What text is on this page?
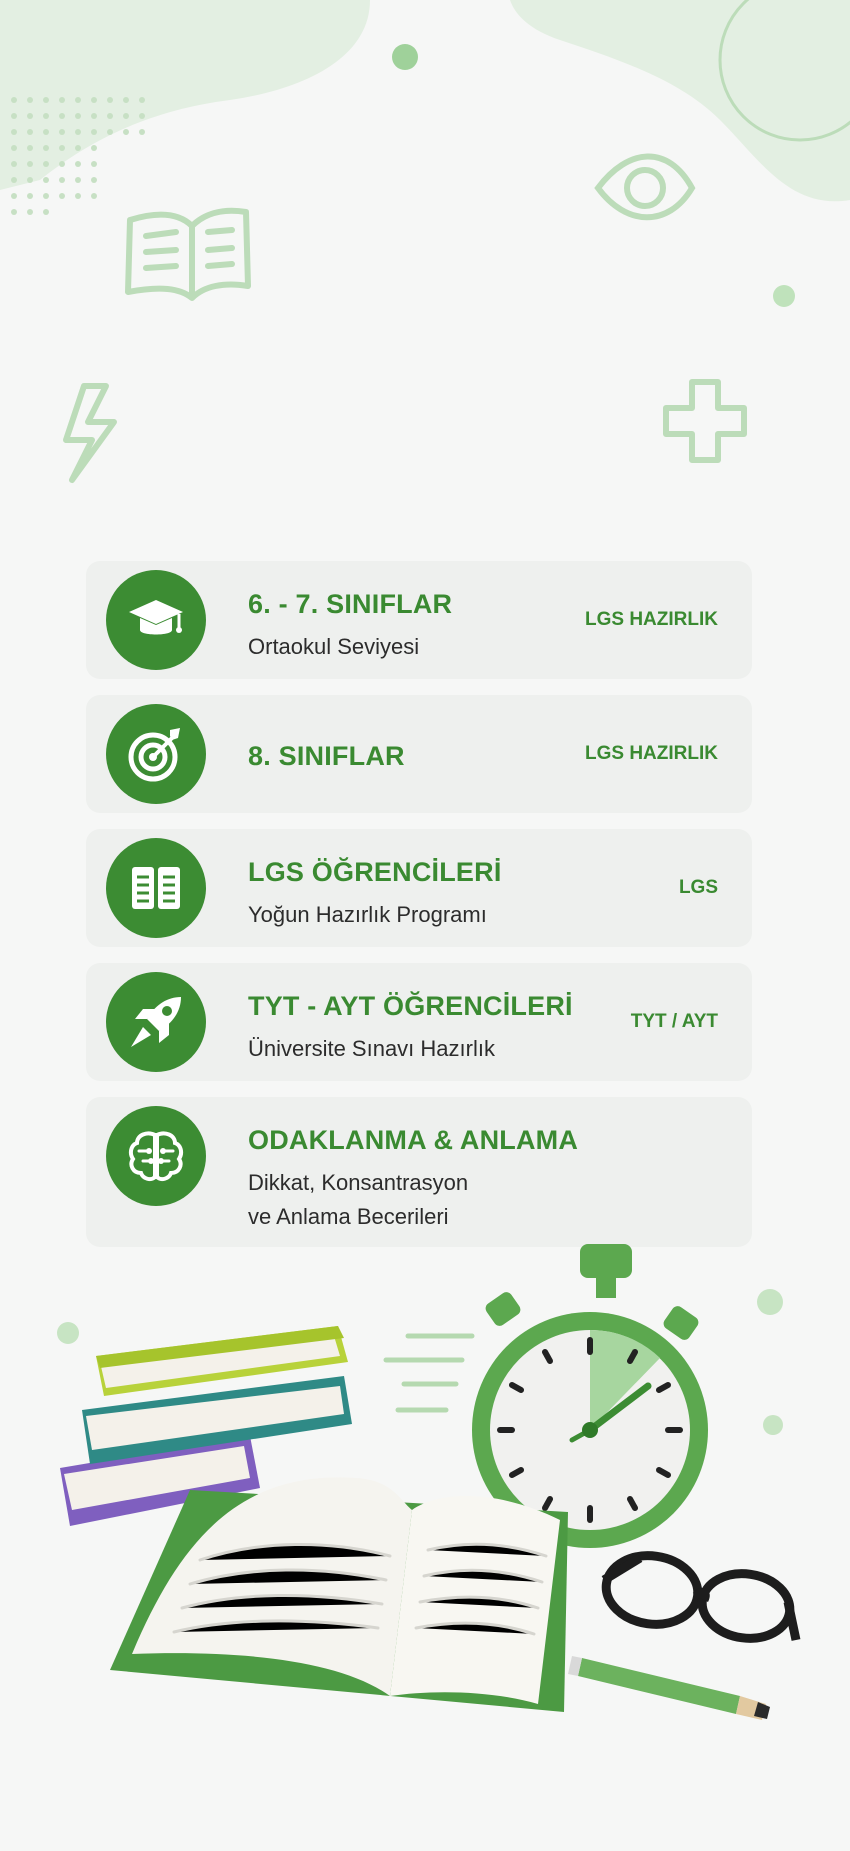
6. - 7. SINIFLAR
Ortaokul Seviyesi
LGS HAZIRLIK
8. SINIFLAR	LGS HAZIRLIK
LGS ÖĞRENCİLERİ
Yoğun Hazırlık Programı
LGS
TYT - AYT ÖĞRENCİLERİ
Üniversite Sınavı Hazırlık
TYT / AYT
ODAKLANMA & ANLAMA
Dikkat, Konsantrasyon
ve Anlama Becerileri
